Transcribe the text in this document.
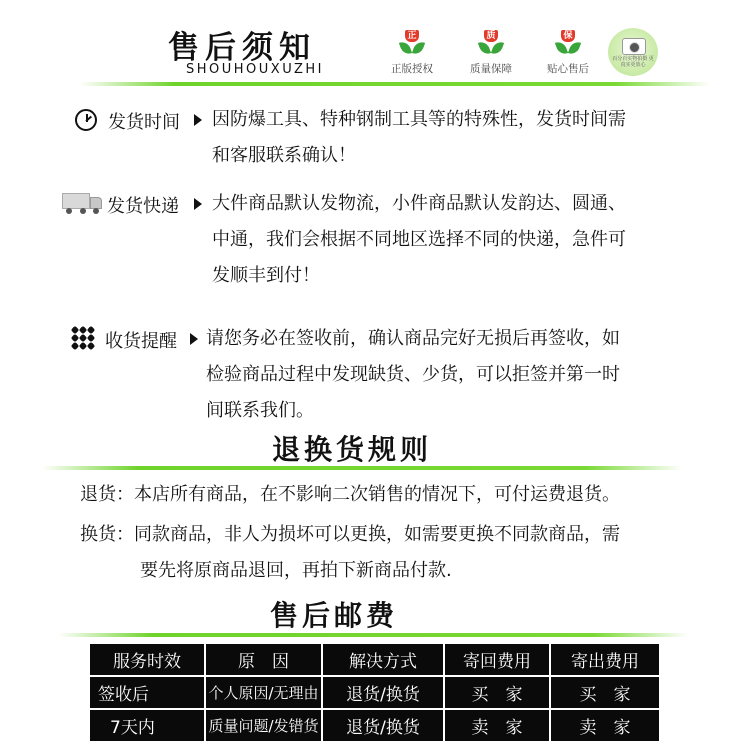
售后须知
SHOUHOUXUZHI
正
正版授权
质
质量保障
保
贴心售后
百分百实物拍摄 更真实更放心
发货时间 因防爆工具、特种钢制工具等的特殊性，发货时间需
和客服联系确认！
发货快递 大件商品默认发物流，小件商品默认发韵达、圆通、
中通，我们会根据不同地区选择不同的快递，急件可
发顺丰到付！
收货提醒 请您务必在签收前，确认商品完好无损后再签收，如
检验商品过程中发现缺货、少货，可以拒签并第一时
间联系我们。
退换货规则
退货：本店所有商品，在不影响二次销售的情况下，可付运费退货。
换货：同款商品，非人为损坏可以更换，如需要更换不同款商品，需
要先将原商品退回，再拍下新商品付款.
售后邮费
服务时效	原　因	解决方式	寄回费用	寄出费用
签收后	个人原因/无理由	退货/换货	买　家	买　家
7天内	质量问题/发错货	退货/换货	卖　家	卖　家
